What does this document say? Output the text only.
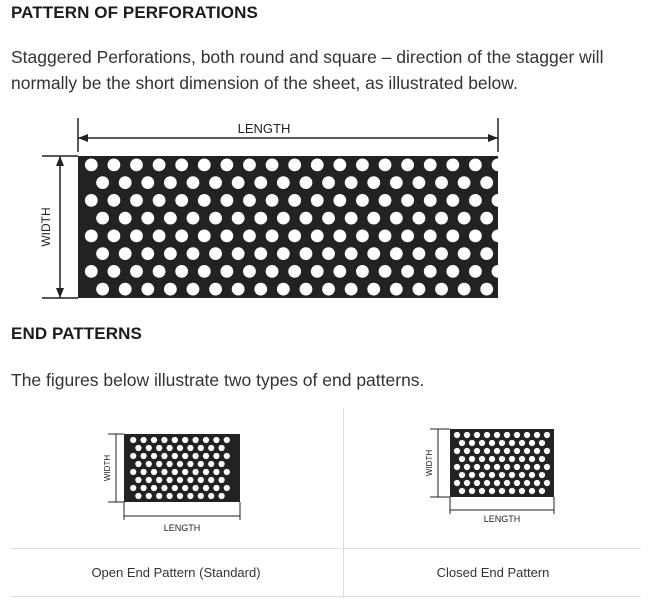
PATTERN OF PERFORATIONS
Staggered Perforations, both round and square – direction of the stagger will
normally be the short dimension of the sheet, as illustrated below.
LENGTH
WIDTH
END PATTERNS
The figures below illustrate two types of end patterns.
WIDTH
LENGTH
WIDTH
LENGTH
Open End Pattern (Standard)	Closed End Pattern
